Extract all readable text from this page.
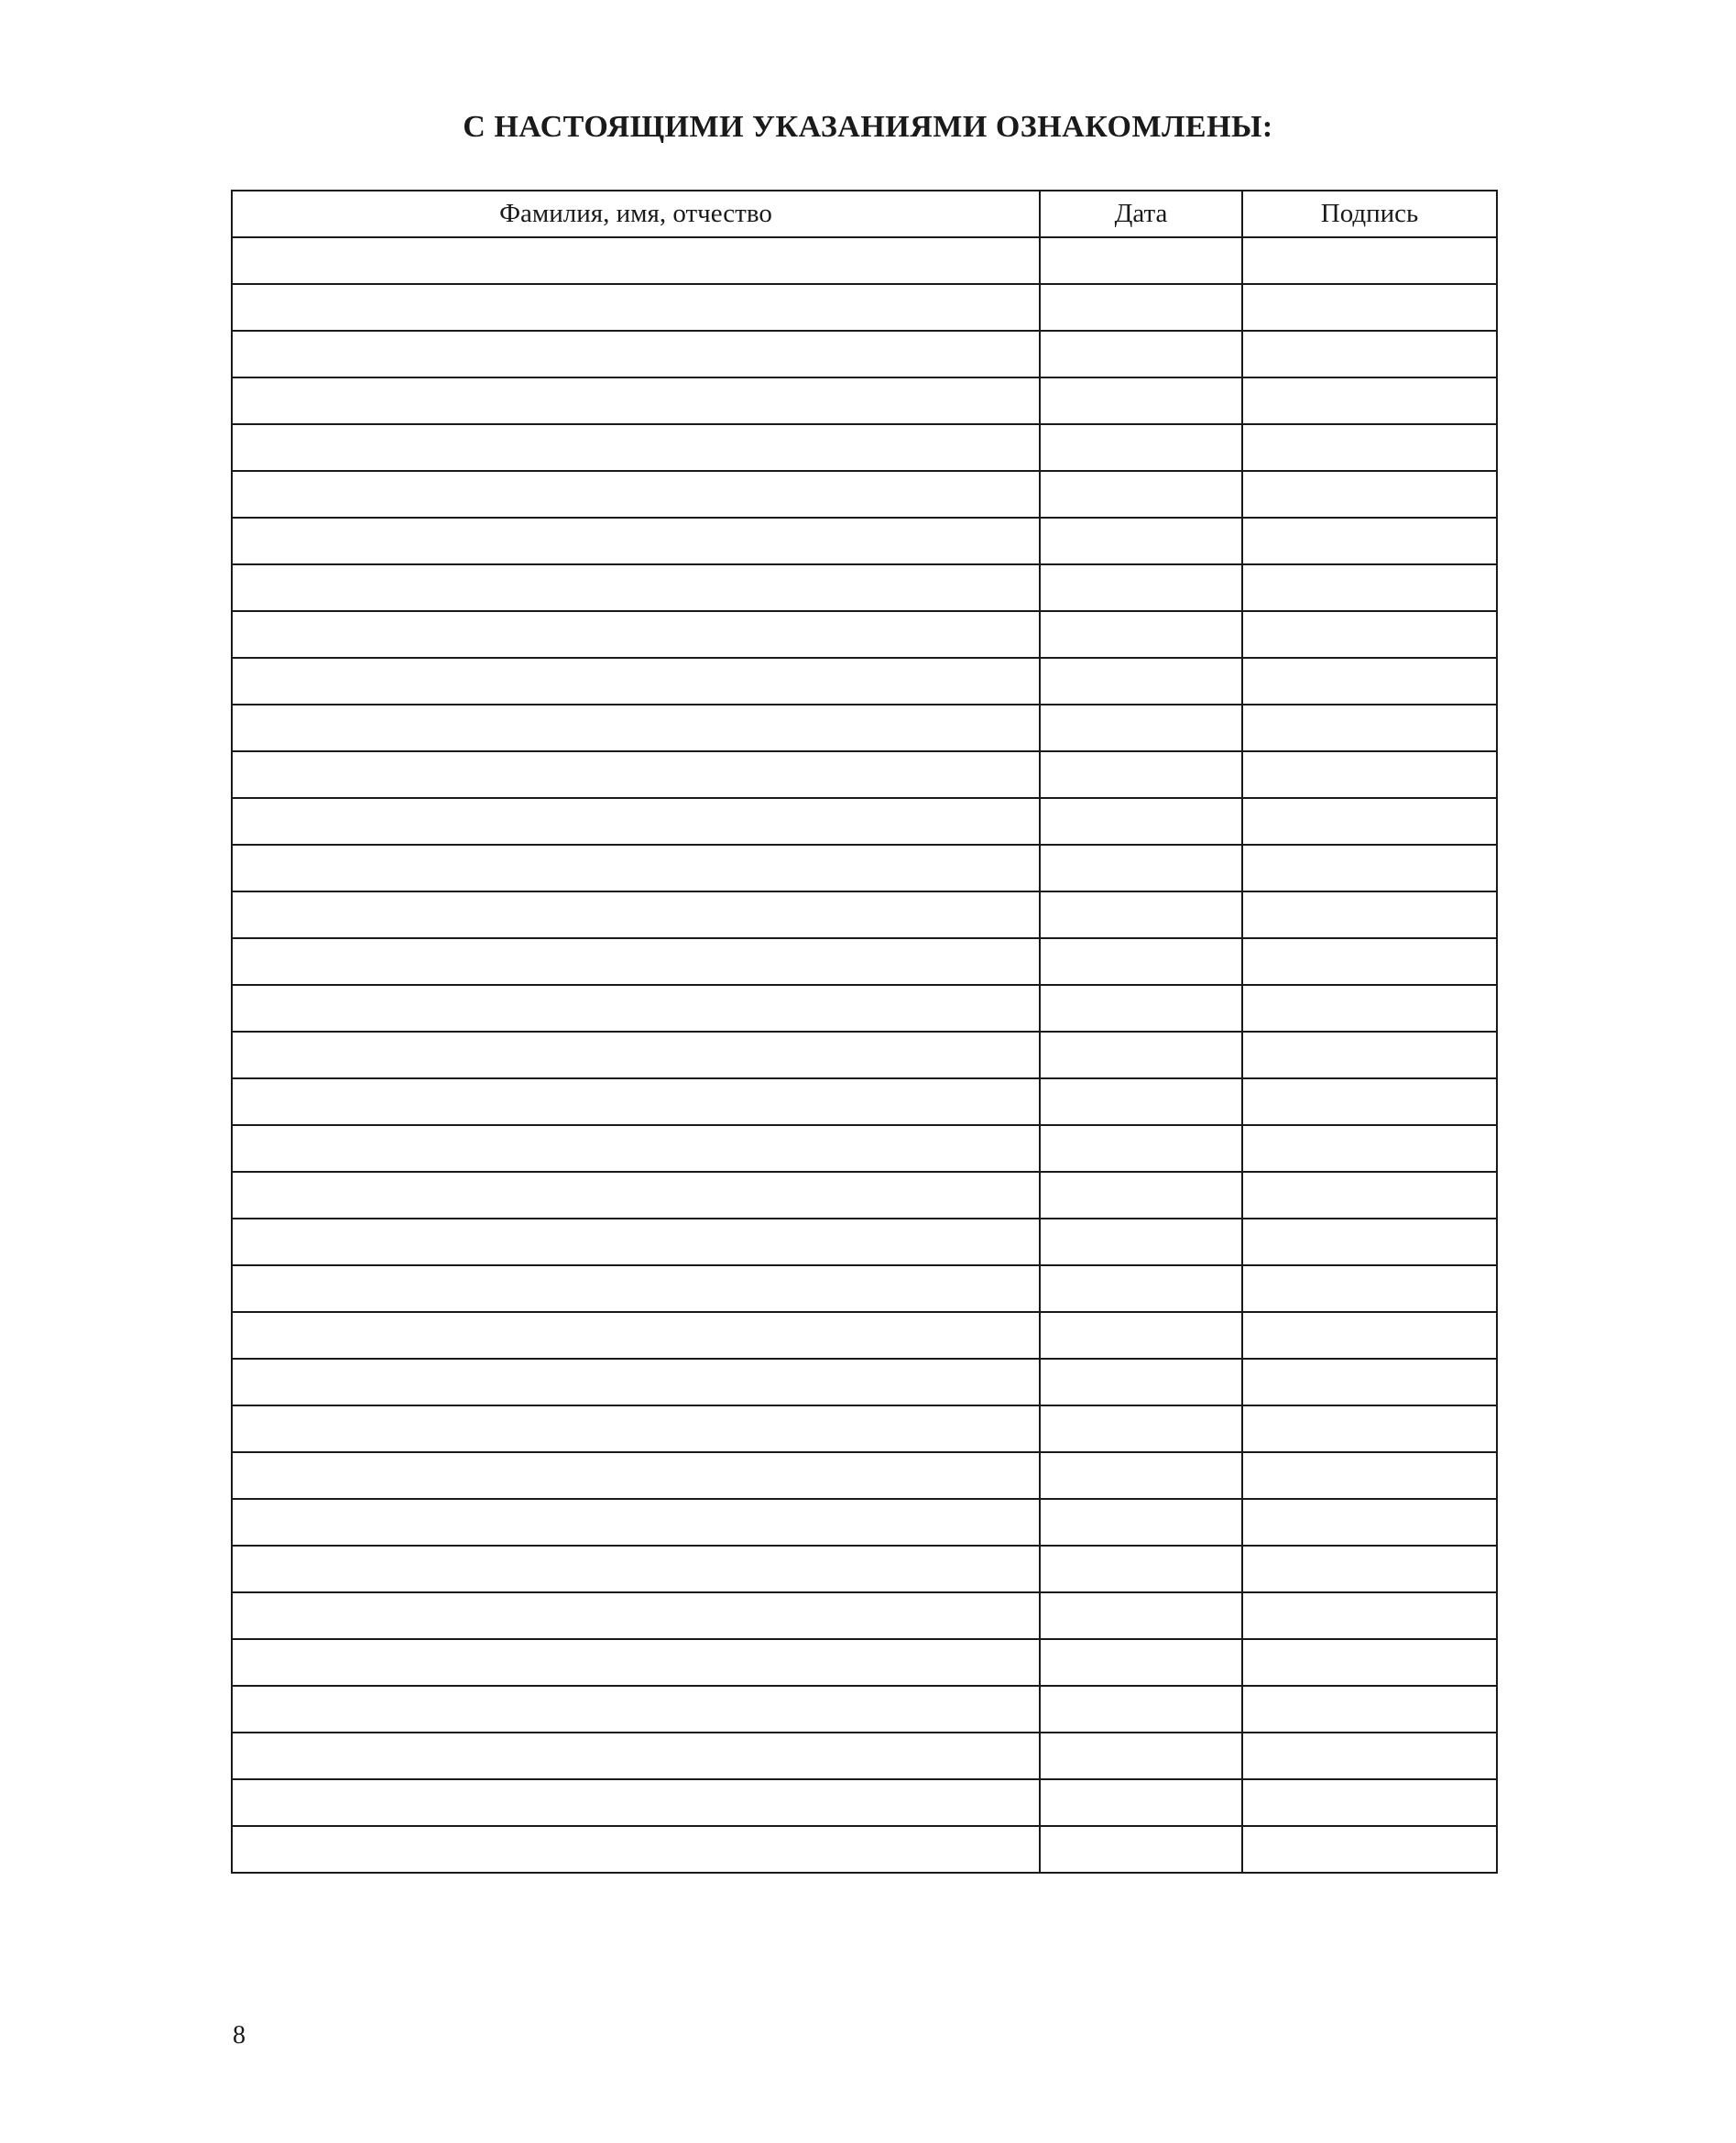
С НАСТОЯЩИМИ УКАЗАНИЯМИ ОЗНАКОМЛЕНЫ:
Фамилия, имя, отчество	Дата	Подпись

8
